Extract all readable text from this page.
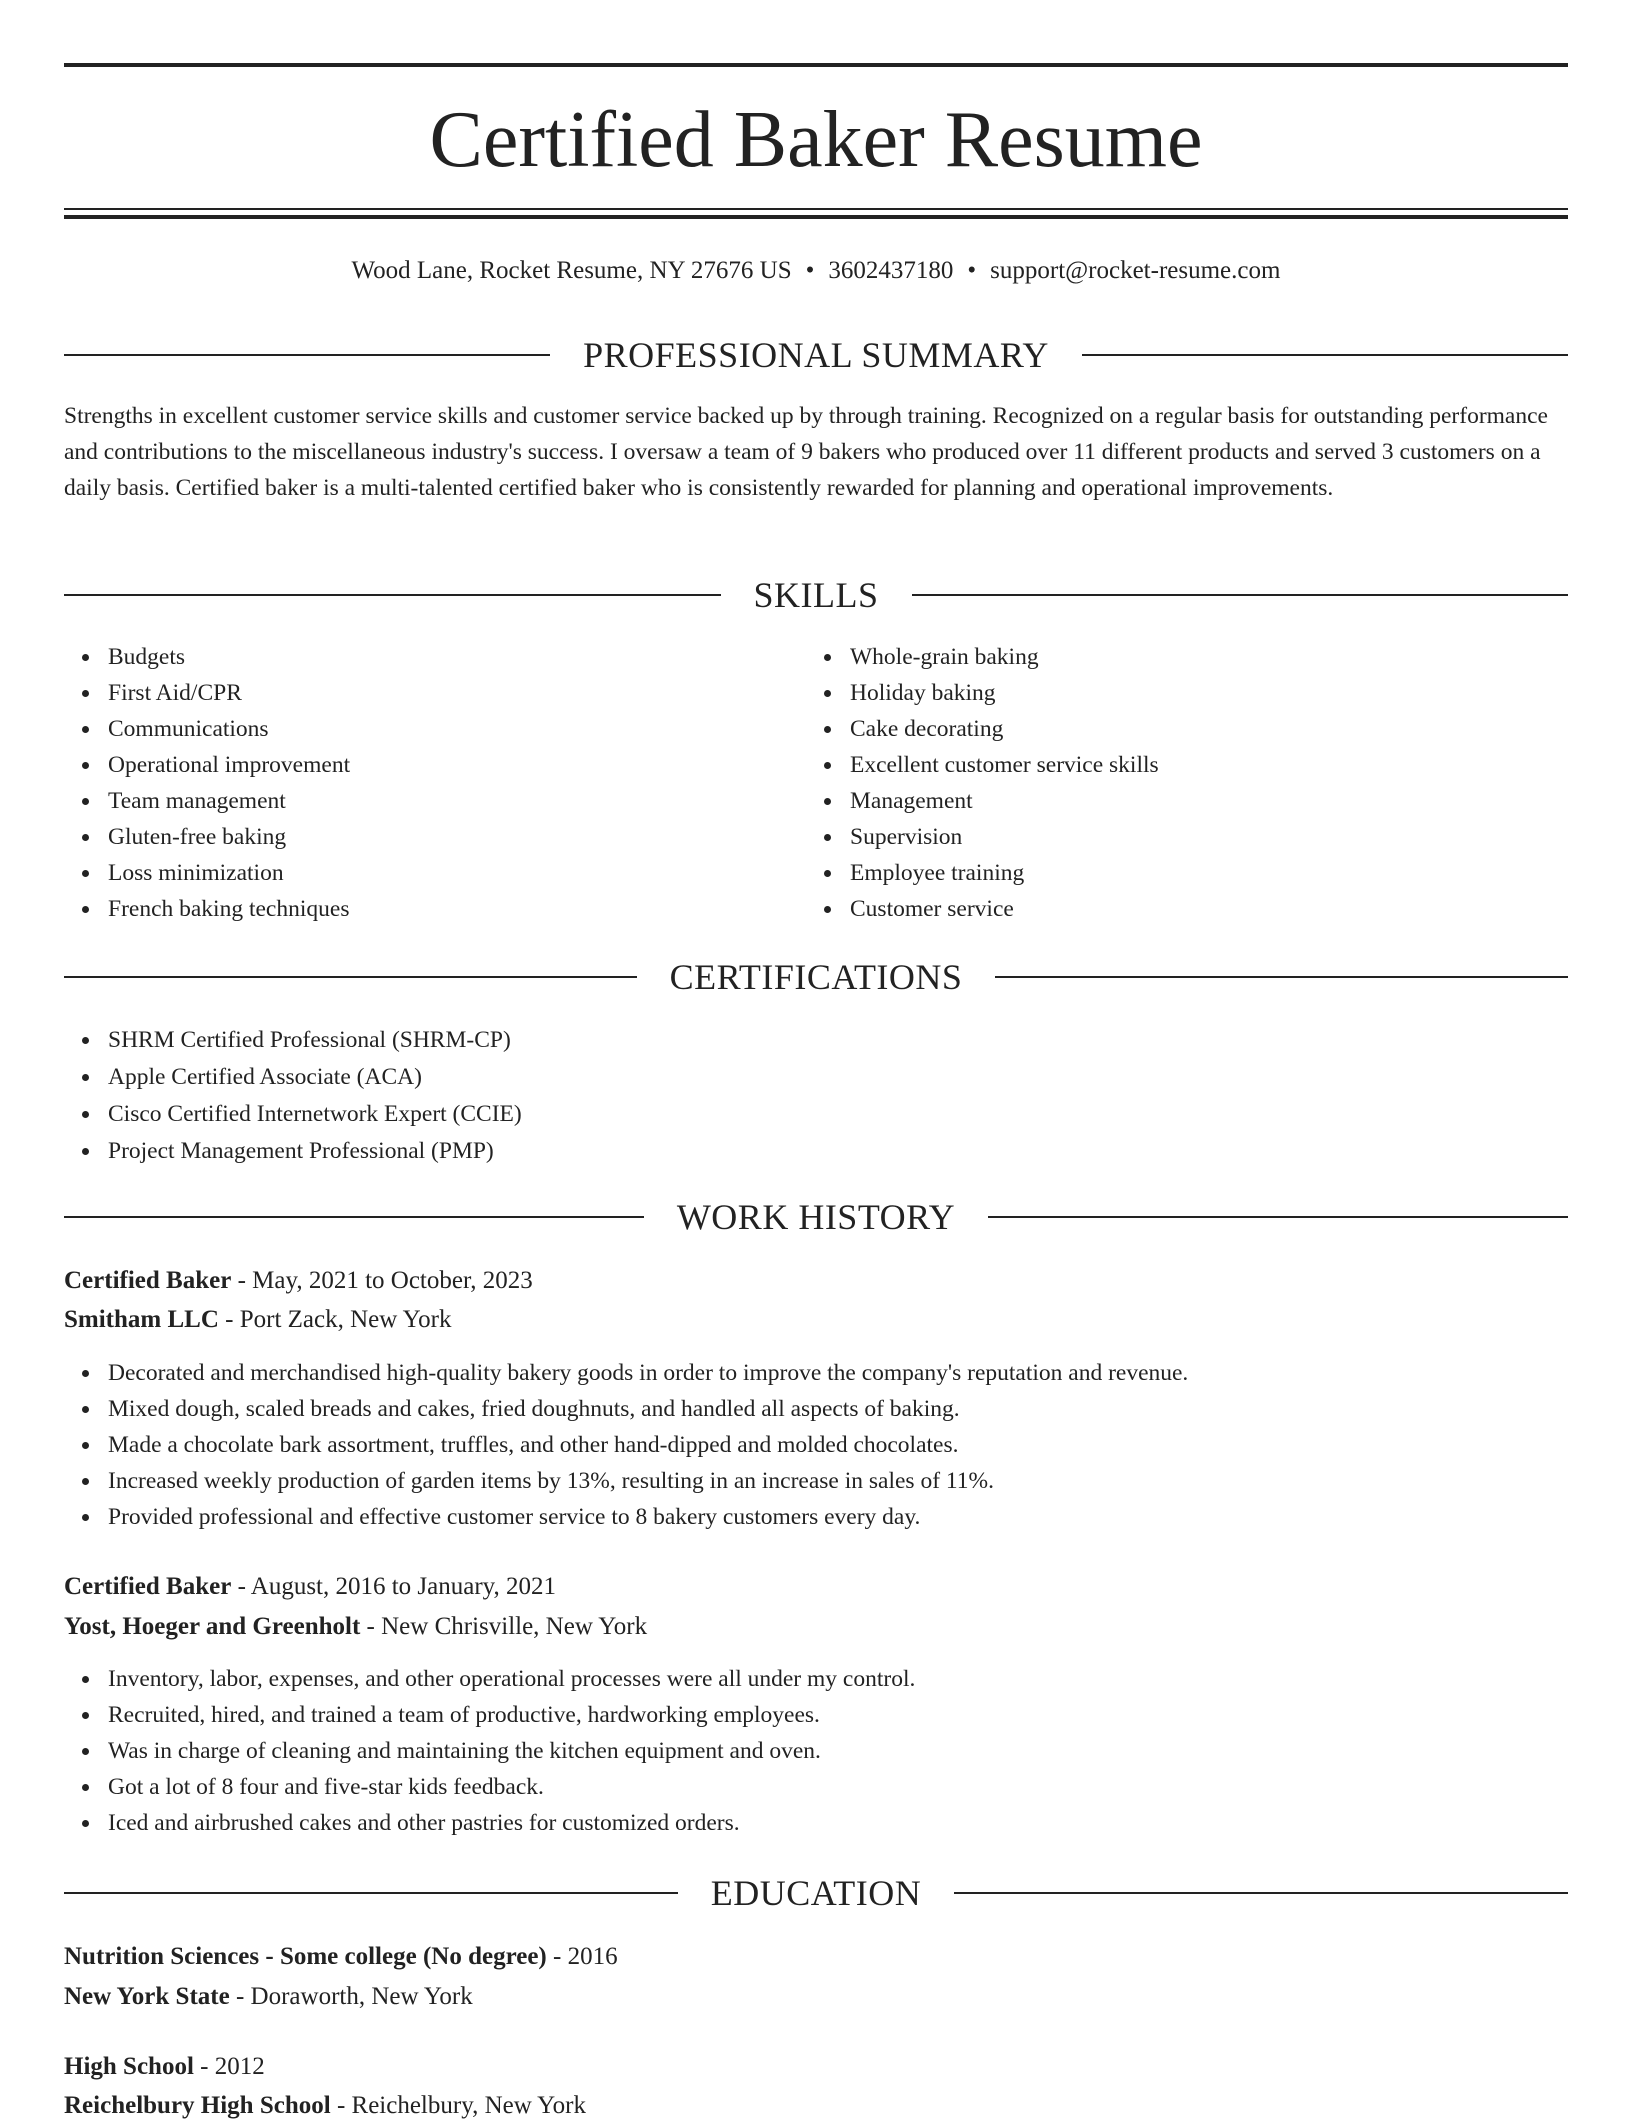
Certified Baker Resume
Wood Lane, Rocket Resume, NY 27676 US • 3602437180 • support@rocket-resume.com
PROFESSIONAL SUMMARY

Strengths in excellent customer service skills and customer service backed up by through training. Recognized on a regular basis for outstanding performance and contributions to the miscellaneous industry's success. I oversaw a team of 9 bakers who produced over 11 different products and served 3 customers on a daily basis. Certified baker is a multi-talented certified baker who is consistently rewarded for planning and operational improvements.

SKILLS
Budgets
First Aid/CPR
Communications
Operational improvement
Team management
Gluten-free baking
Loss minimization
French baking techniques
Whole-grain baking
Holiday baking
Cake decorating
Excellent customer service skills
Management
Supervision
Employee training
Customer service
CERTIFICATIONS
SHRM Certified Professional (SHRM-CP)
Apple Certified Associate (ACA)
Cisco Certified Internetwork Expert (CCIE)
Project Management Professional (PMP)
WORK HISTORY
Certified Baker - May, 2021 to October, 2023
Smitham LLC - Port Zack, New York
Decorated and merchandised high-quality bakery goods in order to improve the company's reputation and revenue.
Mixed dough, scaled breads and cakes, fried doughnuts, and handled all aspects of baking.
Made a chocolate bark assortment, truffles, and other hand-dipped and molded chocolates.
Increased weekly production of garden items by 13%, resulting in an increase in sales of 11%.
Provided professional and effective customer service to 8 bakery customers every day.
Certified Baker - August, 2016 to January, 2021
Yost, Hoeger and Greenholt - New Chrisville, New York
Inventory, labor, expenses, and other operational processes were all under my control.
Recruited, hired, and trained a team of productive, hardworking employees.
Was in charge of cleaning and maintaining the kitchen equipment and oven.
Got a lot of 8 four and five-star kids feedback.
Iced and airbrushed cakes and other pastries for customized orders.
EDUCATION
Nutrition Sciences - Some college (No degree) - 2016
New York State - Doraworth, New York
High School - 2012
Reichelbury High School - Reichelbury, New York
